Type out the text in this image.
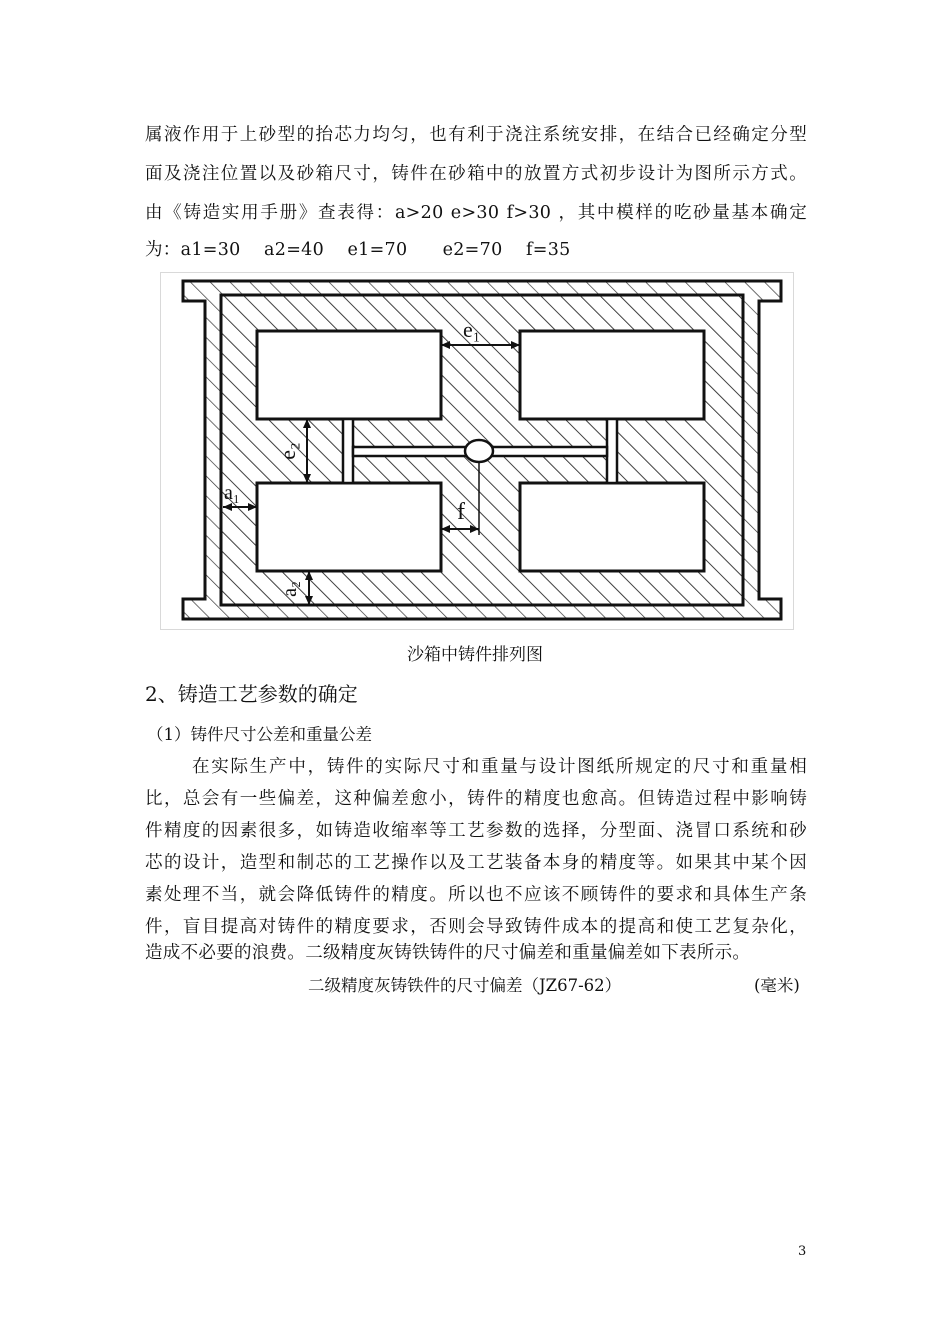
属液作用于上砂型的抬芯力均匀，也有利于浇注系统安排，在结合已经确定分型
面及浇注位置以及砂箱尺寸，铸件在砂箱中的放置方式初步设计为图所示方式。
由《铸造实用手册》查表得：a>20 e>30 f>30 ，其中模样的吃砂量基本确定
为：a1=30    a2=40    e1=70      e2=70    f=35
e₁
e₂
a₁
a₂
f
沙箱中铸件排列图
2、铸造工艺参数的确定
（1）铸件尺寸公差和重量公差
在实际生产中，铸件的实际尺寸和重量与设计图纸所规定的尺寸和重量相
比，总会有一些偏差，这种偏差愈小，铸件的精度也愈高。但铸造过程中影响铸
件精度的因素很多，如铸造收缩率等工艺参数的选择，分型面、浇冒口系统和砂
芯的设计，造型和制芯的工艺操作以及工艺装备本身的精度等。如果其中某个因
素处理不当，就会降低铸件的精度。所以也不应该不顾铸件的要求和具体生产条
件，盲目提高对铸件的精度要求，否则会导致铸件成本的提高和使工艺复杂化，
造成不必要的浪费。二级精度灰铸铁铸件的尺寸偏差和重量偏差如下表所示。
二级精度灰铸铁件的尺寸偏差（JZ67-62）	(毫米)
3
